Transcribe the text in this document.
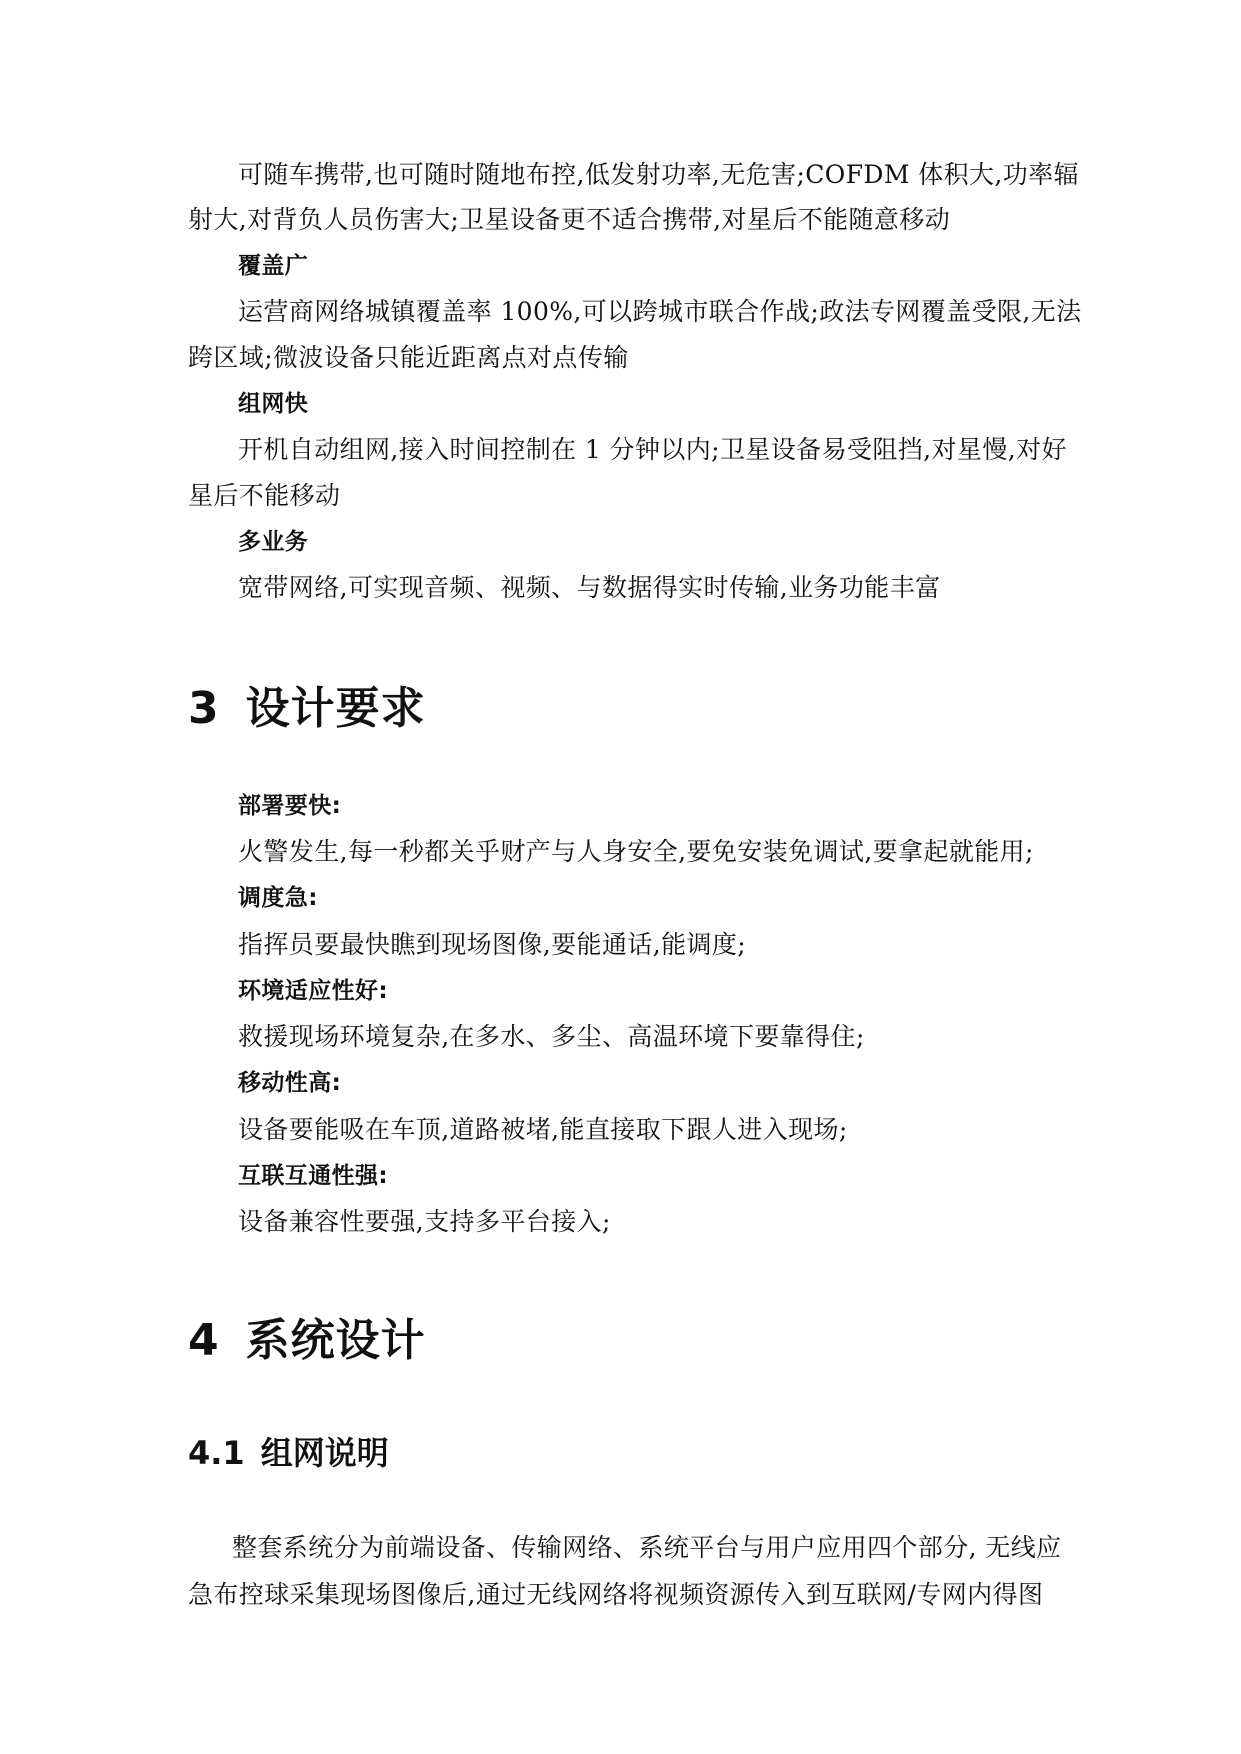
可随车携带,也可随时随地布控,低发射功率,无危害;COFDM 体积大,功率辐
射大,对背负人员伤害大;卫星设备更不适合携带,对星后不能随意移动
覆盖广
运营商网络城镇覆盖率 100%,可以跨城市联合作战;政法专网覆盖受限,无法
跨区域;微波设备只能近距离点对点传输
组网快
开机自动组网,接入时间控制在 1 分钟以内;卫星设备易受阻挡,对星慢,对好
星后不能移动
多业务
宽带网络,可实现音频、视频、与数据得实时传输,业务功能丰富
3 设计要求
部署要快:
火警发生,每一秒都关乎财产与人身安全,要免安装免调试,要拿起就能用;
调度急:
指挥员要最快瞧到现场图像,要能通话,能调度;
环境适应性好:
救援现场环境复杂,在多水、多尘、高温环境下要靠得住;
移动性高:
设备要能吸在车顶,道路被堵,能直接取下跟人进入现场;
互联互通性强:
设备兼容性要强,支持多平台接入;
4 系统设计
4.1 组网说明
整套系统分为前端设备、传输网络、系统平台与用户应用四个部分, 无线应
急布控球采集现场图像后,通过无线网络将视频资源传入到互联网/专网内得图
